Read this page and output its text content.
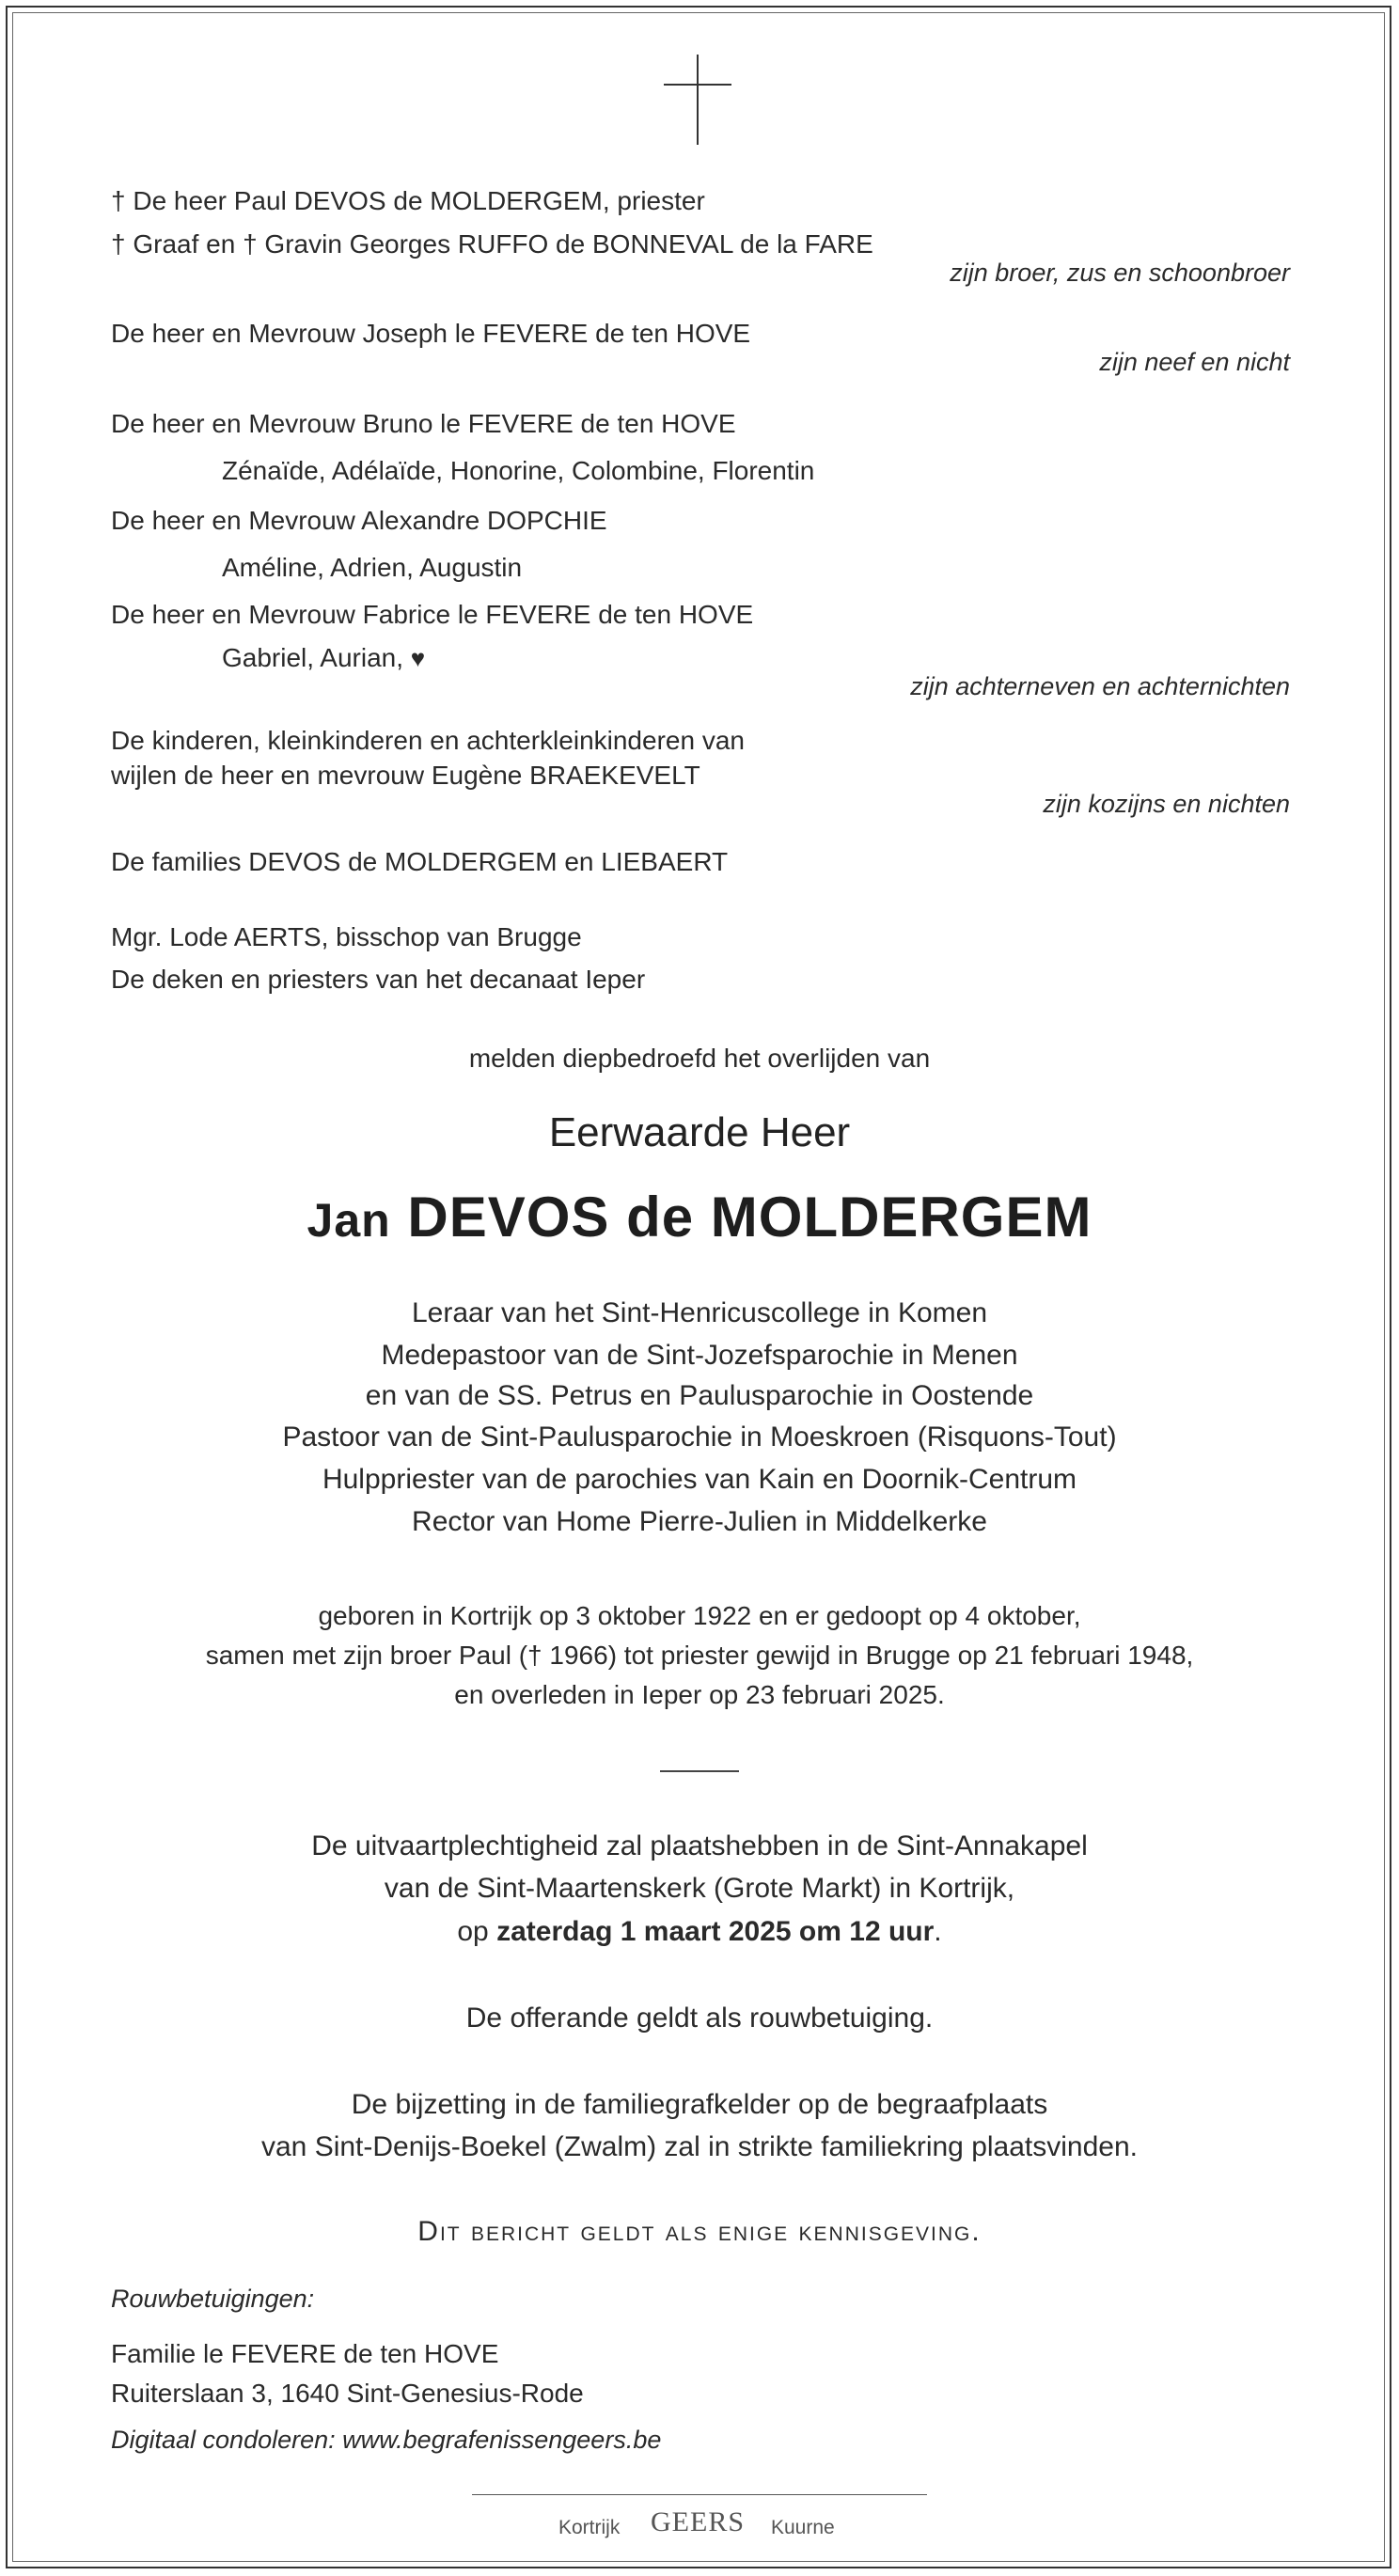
† De heer Paul DEVOS de MOLDERGEM, priester
† Graaf en † Gravin Georges RUFFO de BONNEVAL de la FARE
zijn broer, zus en schoonbroer
De heer en Mevrouw Joseph le FEVERE de ten HOVE
zijn neef en nicht
De heer en Mevrouw Bruno le FEVERE de ten HOVE
Zénaïde, Adélaïde, Honorine, Colombine, Florentin
De heer en Mevrouw Alexandre DOPCHIE
Améline, Adrien, Augustin
De heer en Mevrouw Fabrice le FEVERE de ten HOVE
Gabriel, Aurian, ♥
zijn achterneven en achternichten
De kinderen, kleinkinderen en achterkleinkinderen van
wijlen de heer en mevrouw Eugène BRAEKEVELT
zijn kozijns en nichten
De families DEVOS de MOLDERGEM en LIEBAERT
Mgr. Lode AERTS, bisschop van Brugge
De deken en priesters van het decanaat Ieper
melden diepbedroefd het overlijden van
Eerwaarde Heer
Jan DEVOS de MOLDERGEM
Leraar van het Sint-Henricuscollege in Komen
Medepastoor van de Sint-Jozefsparochie in Menen
en van de SS. Petrus en Paulusparochie in Oostende
Pastoor van de Sint-Paulusparochie in Moeskroen (Risquons-Tout)
Hulppriester van de parochies van Kain en Doornik-Centrum
Rector van Home Pierre-Julien in Middelkerke
geboren in Kortrijk op 3 oktober 1922 en er gedoopt op 4 oktober,
samen met zijn broer Paul († 1966) tot priester gewijd in Brugge op 21 februari 1948,
en overleden in Ieper op 23 februari 2025.
De uitvaartplechtigheid zal plaatshebben in de Sint-Annakapel
van de Sint-Maartenskerk (Grote Markt) in Kortrijk,
op zaterdag 1 maart 2025 om 12 uur.
De offerande geldt als rouwbetuiging.
De bijzetting in de familiegrafkelder op de begraafplaats
van Sint-Denijs-Boekel (Zwalm) zal in strikte familiekring plaatsvinden.
Dit bericht geldt als enige kennisgeving.
Rouwbetuigingen:
Familie le FEVERE de ten HOVE
Ruiterslaan 3, 1640 Sint-Genesius-Rode
Digitaal condoleren: www.begrafenissengeers.be
Kortrijk GEERS Kuurne
